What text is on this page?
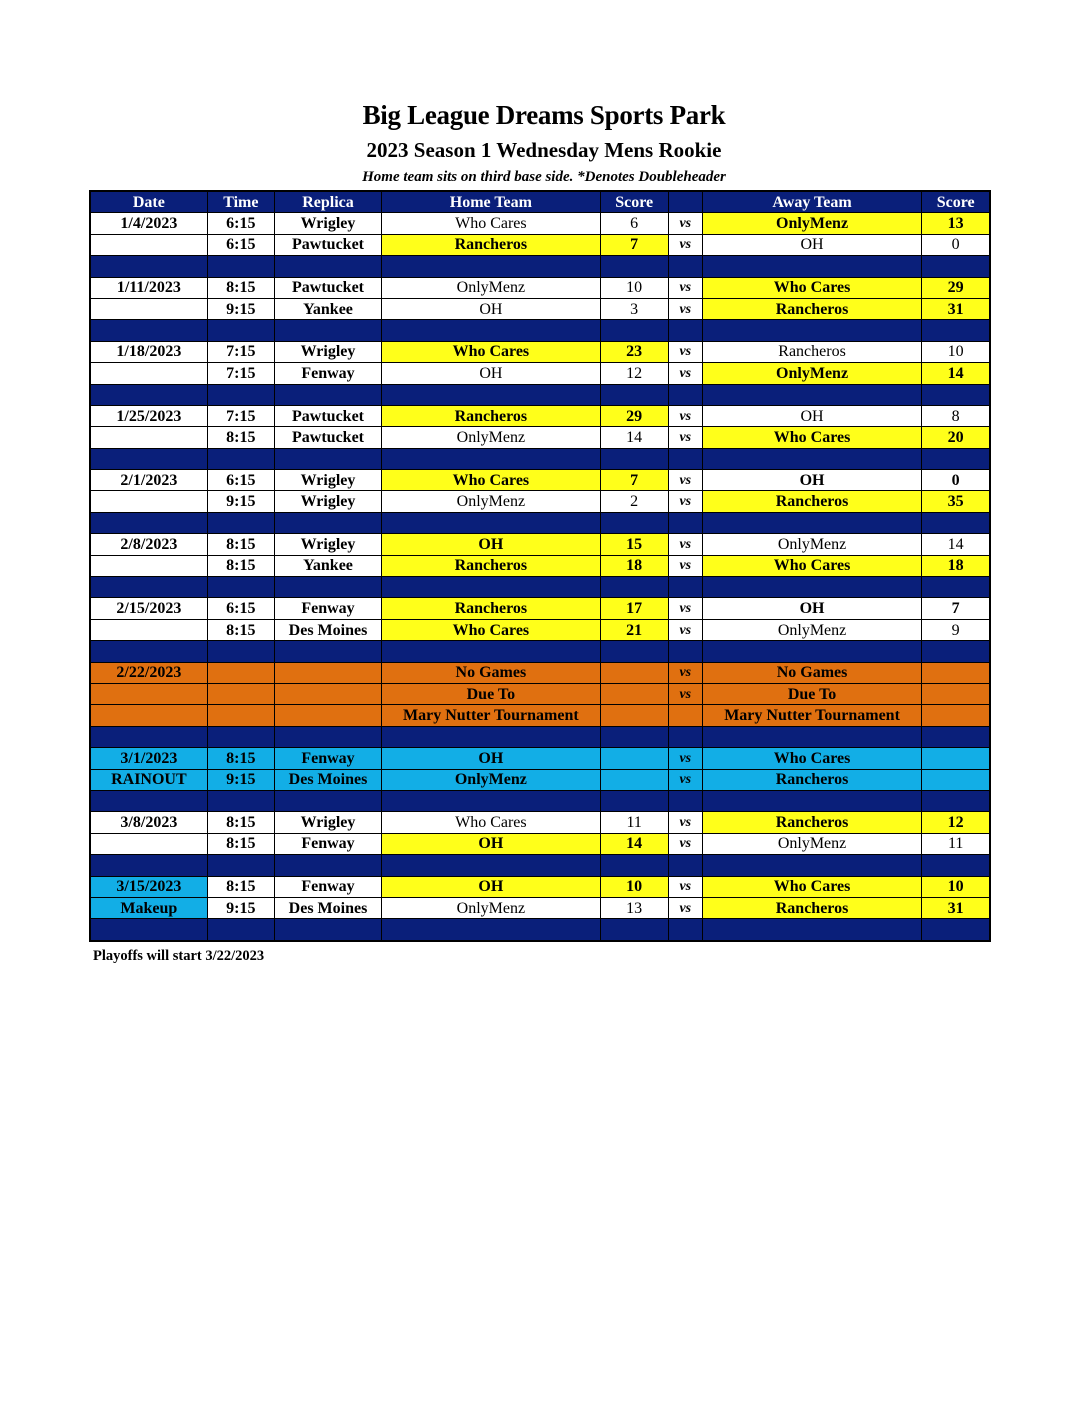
Big League Dreams Sports Park
2023 Season 1 Wednesday Mens Rookie
Home team sits on third base side. *Denotes Doubleheader
Date	Time	Replica	Home Team	Score		Away Team	Score
1/4/2023	6:15	Wrigley	Who Cares	6	vs	OnlyMenz	13
	6:15	Pawtucket	Rancheros	7	vs	OH	0

1/11/2023	8:15	Pawtucket	OnlyMenz	10	vs	Who Cares	29
	9:15	Yankee	OH	3	vs	Rancheros	31

1/18/2023	7:15	Wrigley	Who Cares	23	vs	Rancheros	10
	7:15	Fenway	OH	12	vs	OnlyMenz	14

1/25/2023	7:15	Pawtucket	Rancheros	29	vs	OH	8
	8:15	Pawtucket	OnlyMenz	14	vs	Who Cares	20

2/1/2023	6:15	Wrigley	Who Cares	7	vs	OH	0
	9:15	Wrigley	OnlyMenz	2	vs	Rancheros	35

2/8/2023	8:15	Wrigley	OH	15	vs	OnlyMenz	14
	8:15	Yankee	Rancheros	18	vs	Who Cares	18

2/15/2023	6:15	Fenway	Rancheros	17	vs	OH	7
	8:15	Des Moines	Who Cares	21	vs	OnlyMenz	9

2/22/2023			No Games		vs	No Games	
			Due To		vs	Due To	
			Mary Nutter Tournament			Mary Nutter Tournament	

3/1/2023	8:15	Fenway	OH		vs	Who Cares	
RAINOUT	9:15	Des Moines	OnlyMenz		vs	Rancheros	

3/8/2023	8:15	Wrigley	Who Cares	11	vs	Rancheros	12
	8:15	Fenway	OH	14	vs	OnlyMenz	11

3/15/2023	8:15	Fenway	OH	10	vs	Who Cares	10
Makeup	9:15	Des Moines	OnlyMenz	13	vs	Rancheros	31

Playoffs will start 3/22/2023
